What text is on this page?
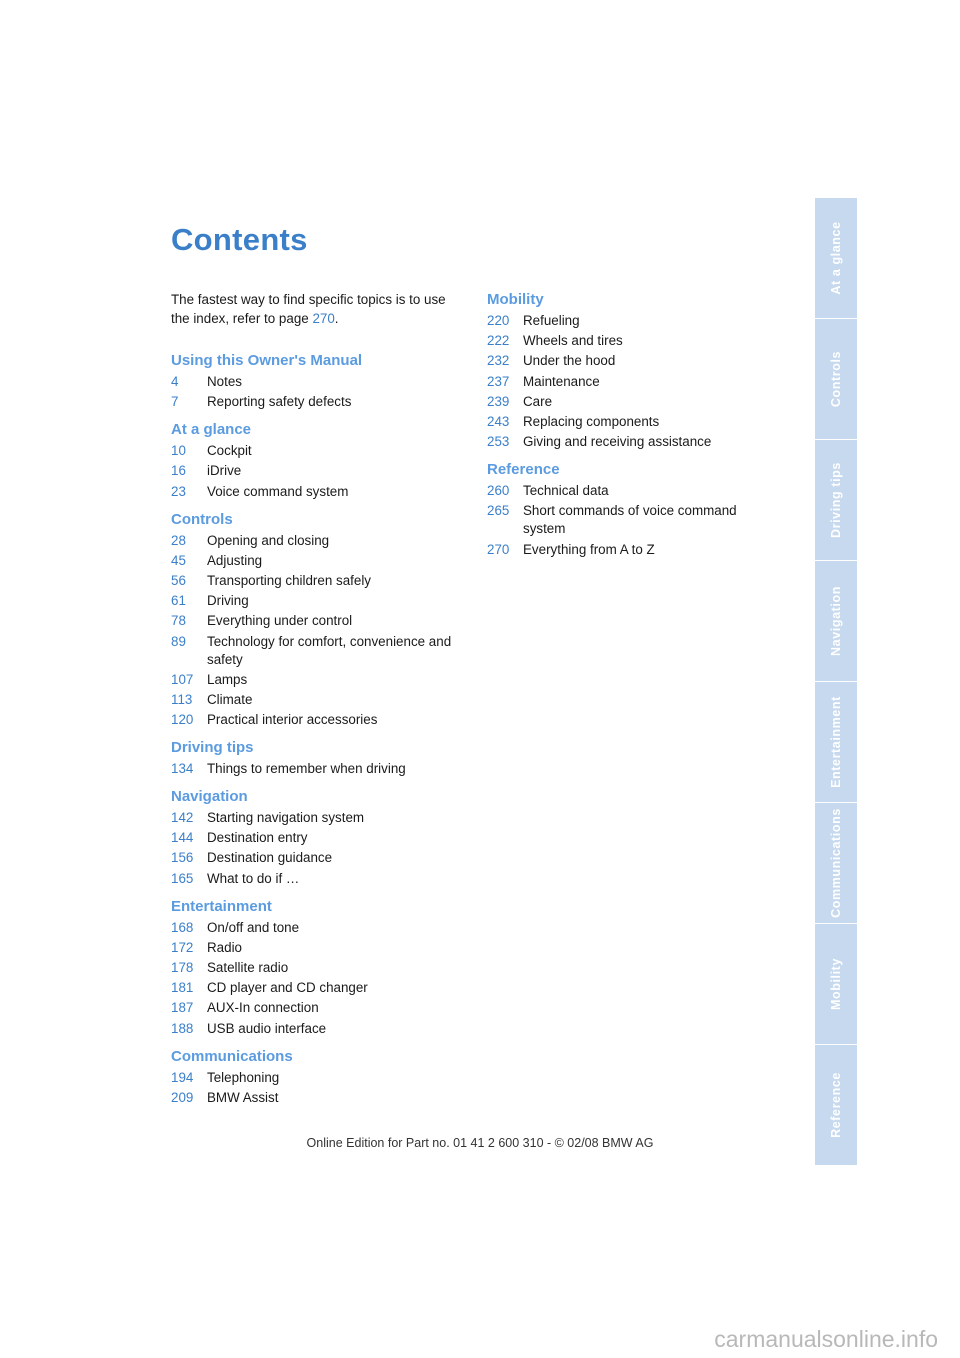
Contents

The fastest way to find specific topics is to use the index, refer to page 270.

Using this Owner's Manual
4	Notes
7	Reporting safety defects
At a glance
10	Cockpit
16	iDrive
23	Voice command system
Controls
28	Opening and closing
45	Adjusting
56	Transporting children safely
61	Driving
78	Everything under control
89	Technology for comfort, convenience and safety
107	Lamps
113	Climate
120	Practical interior accessories
Driving tips
134	Things to remember when driving
Navigation
142	Starting navigation system
144	Destination entry
156	Destination guidance
165	What to do if …
Entertainment
168	On/off and tone
172	Radio
178	Satellite radio
181	CD player and CD changer
187	AUX-In connection
188	USB audio interface
Communications
194	Telephoning
209	BMW Assist
Mobility
220	Refueling
222	Wheels and tires
232	Under the hood
237	Maintenance
239	Care
243	Replacing components
253	Giving and receiving assistance
Reference
260	Technical data
265	Short commands of voice command system
270	Everything from A to Z
At a glance
Controls
Driving tips
Navigation
Entertainment
Communications
Mobility
Reference
Online Edition for Part no. 01 41 2 600 310 - © 02/08 BMW AG
carmanualsonline.info
